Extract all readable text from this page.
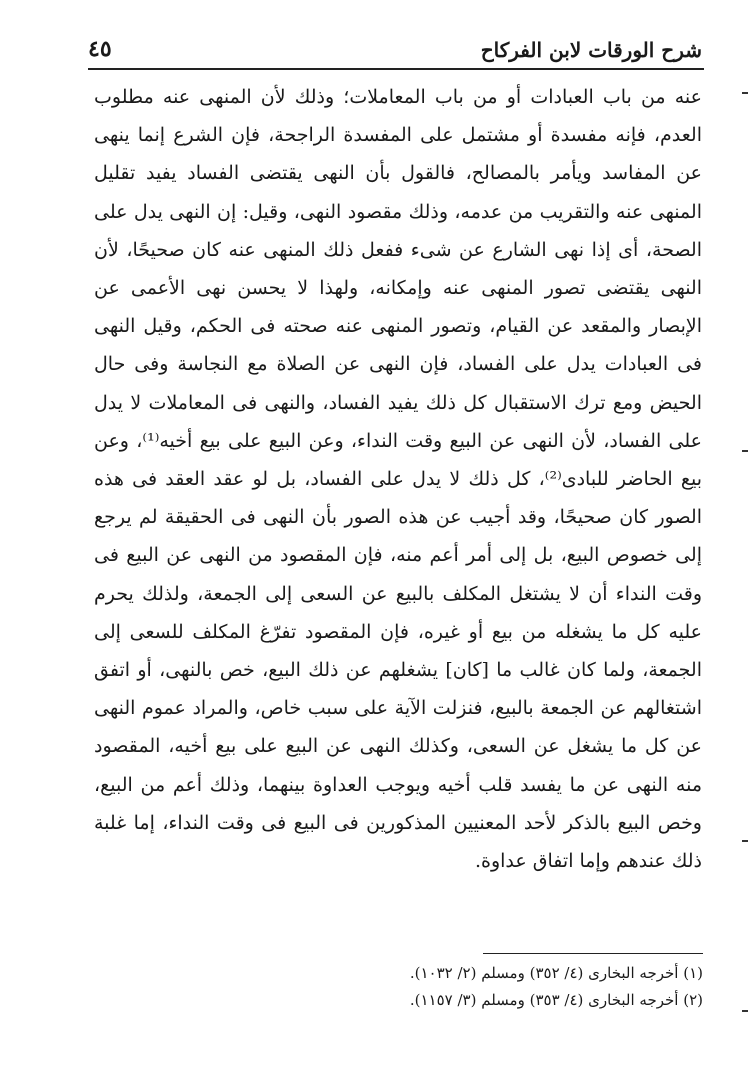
شرح الورقات لابن الفركاح
٤٥

عنه من باب العبادات أو من باب المعاملات؛ وذلك لأن المنهى عنه مطلوب العدم، فإنه مفسدة أو مشتمل على المفسدة الراجحة، فإن الشرع إنما ينهى عن المفاسد ويأمر بالمصالح، فالقول بأن النهى يقتضى الفساد يفيد تقليل المنهى عنه والتقريب من عدمه، وذلك مقصود النهى، وقيل: إن النهى يدل على الصحة، أى إذا نهى الشارع عن شىء ففعل ذلك المنهى عنه كان صحيحًا، لأن النهى يقتضى تصور المنهى عنه وإمكانه، ولهذا لا يحسن نهى الأعمى عن الإبصار والمقعد عن القيام، وتصور المنهى عنه صحته فى الحكم، وقيل النهى فى العبادات يدل على الفساد، فإن النهى عن الصلاة مع النجاسة وفى حال الحيض ومع ترك الاستقبال كل ذلك يفيد الفساد، والنهى فى المعاملات لا يدل على الفساد، لأن النهى عن البيع وقت النداء، وعن البيع على بيع أخيه⁽¹⁾، وعن بيع الحاضر للبادى⁽²⁾، كل ذلك لا يدل على الفساد، بل لو عقد العقد فى هذه الصور كان صحيحًا، وقد أجيب عن هذه الصور بأن النهى فى الحقيقة لم يرجع إلى خصوص البيع، بل إلى أمر أعم منه، فإن المقصود من النهى عن البيع فى وقت النداء أن لا يشتغل المكلف بالبيع عن السعى إلى الجمعة، ولذلك يحرم عليه كل ما يشغله من بيع أو غيره، فإن المقصود تفرّغ المكلف للسعى إلى الجمعة، ولما كان غالب ما [كان] يشغلهم عن ذلك البيع، خص بالنهى، أو اتفق اشتغالهم عن الجمعة بالبيع، فنزلت الآية على سبب خاص، والمراد عموم النهى عن كل ما يشغل عن السعى، وكذلك النهى عن البيع على بيع أخيه، المقصود منه النهى عن ما يفسد قلب أخيه ويوجب العداوة بينهما، وذلك أعم من البيع، وخص البيع بالذكر لأحد المعنيين المذكورين فى البيع فى وقت النداء، إما غلبة ذلك عندهم وإما اتفاق عداوة.

(١) أخرجه البخارى (٤/ ٣٥٢) ومسلم (٢/ ١٠٣٢).
(٢) أخرجه البخارى (٤/ ٣٥٣) ومسلم (٣/ ١١٥٧).
